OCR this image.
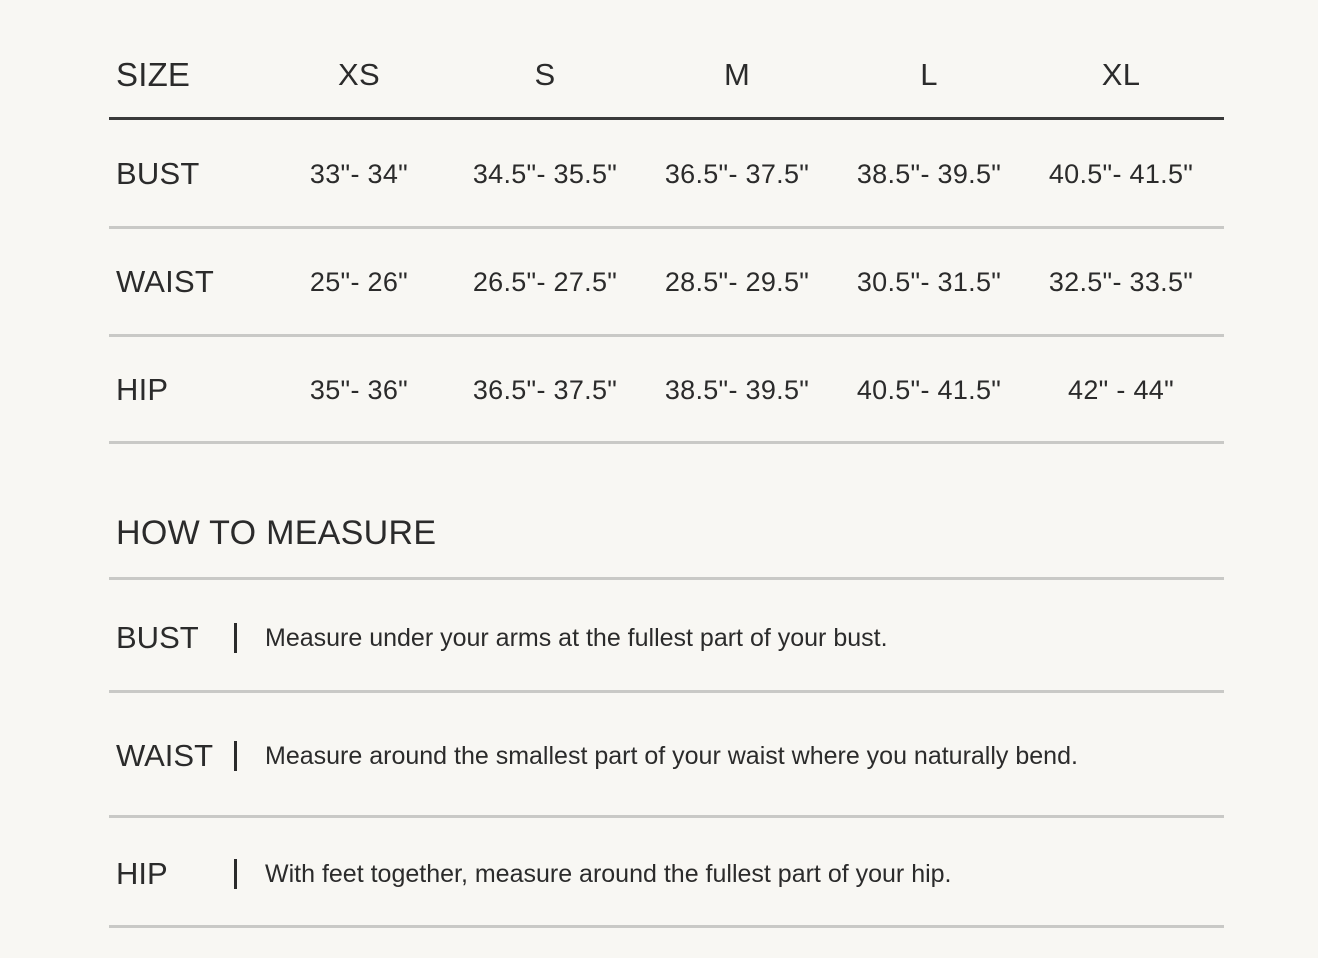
SIZE	XS	S	M	L	XL
BUST	33"- 34"	34.5"- 35.5"	36.5"- 37.5"	38.5"- 39.5"	40.5"- 41.5"
WAIST	25"- 26"	26.5"- 27.5"	28.5"- 29.5"	30.5"- 31.5"	32.5"- 33.5"
HIP	35"- 36"	36.5"- 37.5"	38.5"- 39.5"	40.5"- 41.5"	42" - 44"
HOW TO MEASURE
BUST	Measure under your arms at the fullest part of your bust.
WAIST	Measure around the smallest part of your waist where you naturally bend.
HIP	With feet together, measure around the fullest part of your hip.
